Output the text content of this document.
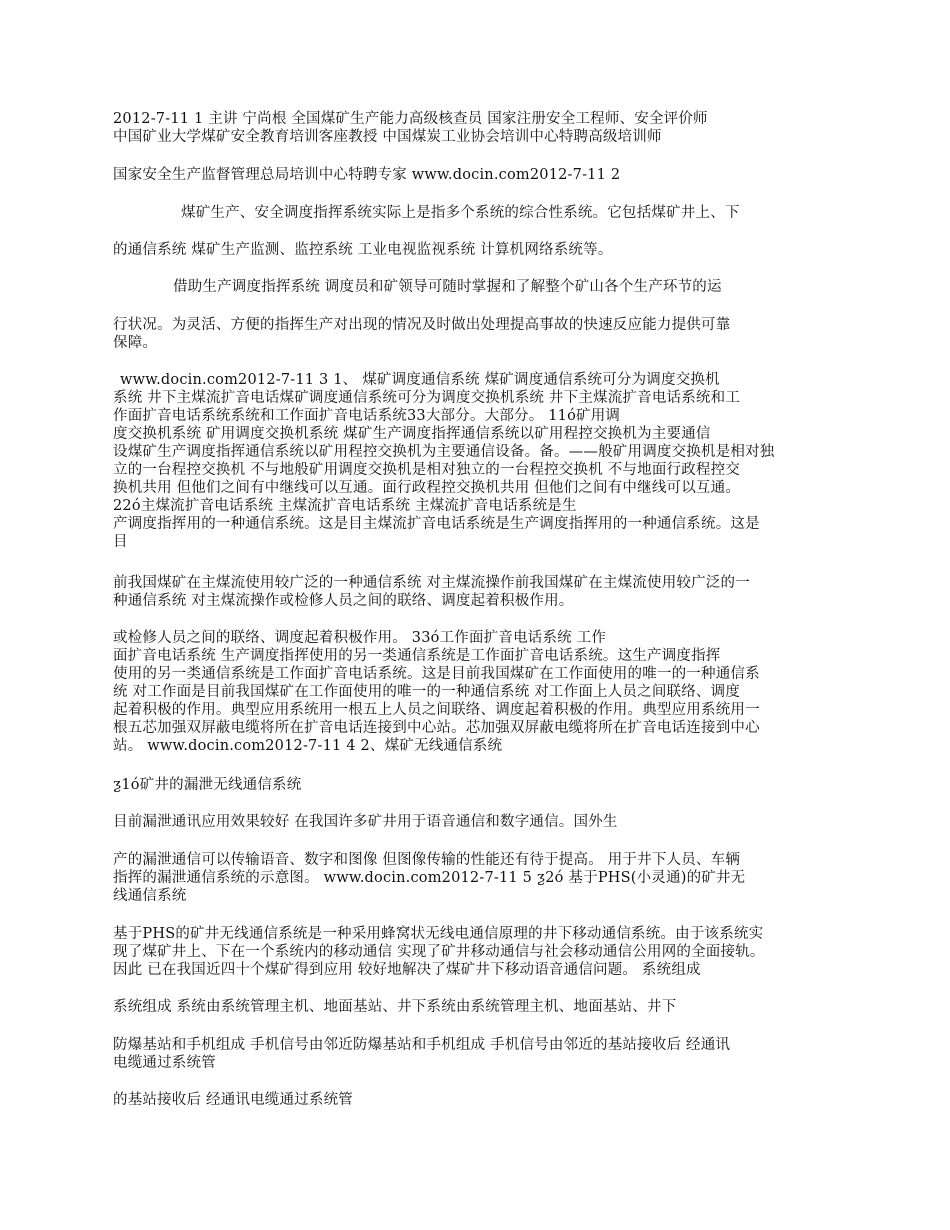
2012-7-11 1 主讲 宁尚根 全国煤矿生产能力高级核查员 国家注册安全工程师、安全评价师
中国矿业大学煤矿安全教育培训客座教授 中国煤炭工业协会培训中心特聘高级培训师
国家安全生产监督管理总局培训中心特聘专家 www.docin.com2012-7-11 2
煤矿生产、安全调度指挥系统实际上是指多个系统的综合性系统。它包括煤矿井上、下
的通信系统 煤矿生产监测、监控系统 工业电视监视系统 计算机网络系统等。
借助生产调度指挥系统 调度员和矿领导可随时掌握和了解整个矿山各个生产环节的运
行状况。为灵活、方便的指挥生产对出现的情况及时做出处理提高事故的快速反应能力提供可靠
保障。
www.docin.com2012-7-11 3 1、 煤矿调度通信系统 煤矿调度通信系统可分为调度交换机
系统 井下主煤流扩音电话煤矿调度通信系统可分为调度交换机系统 井下主煤流扩音电话系统和工
作面扩音电话系统系统和工作面扩音电话系统33大部分。大部分。 11ó矿用调
度交换机系统 矿用调度交换机系统 煤矿生产调度指挥通信系统以矿用程控交换机为主要通信
设煤矿生产调度指挥通信系统以矿用程控交换机为主要通信设备。备。——般矿用调度交换机是相对独
立的一台程控交换机 不与地般矿用调度交换机是相对独立的一台程控交换机 不与地面行政程控交
换机共用 但他们之间有中继线可以互通。面行政程控交换机共用 但他们之间有中继线可以互通。
22ó主煤流扩音电话系统 主煤流扩音电话系统 主煤流扩音电话系统是生
产调度指挥用的一种通信系统。这是目主煤流扩音电话系统是生产调度指挥用的一种通信系统。这是
目
前我国煤矿在主煤流使用较广泛的一种通信系统 对主煤流操作前我国煤矿在主煤流使用较广泛的一
种通信系统 对主煤流操作或检修人员之间的联络、调度起着积极作用。
或检修人员之间的联络、调度起着积极作用。 33ó工作面扩音电话系统 工作
面扩音电话系统 生产调度指挥使用的另一类通信系统是工作面扩音电话系统。这生产调度指挥
使用的另一类通信系统是工作面扩音电话系统。这是目前我国煤矿在工作面使用的唯一的一种通信系
统 对工作面是目前我国煤矿在工作面使用的唯一的一种通信系统 对工作面上人员之间联络、调度
起着积极的作用。典型应用系统用一根五上人员之间联络、调度起着积极的作用。典型应用系统用一
根五芯加强双屏蔽电缆将所在扩音电话连接到中心站。芯加强双屏蔽电缆将所在扩音电话连接到中心
站。 www.docin.com2012-7-11 4 2、煤矿无线通信系统
ƺ1ó矿井的漏泄无线通信系统
目前漏泄通讯应用效果较好 在我国许多矿井用于语音通信和数字通信。国外生
产的漏泄通信可以传输语音、数字和图像 但图像传输的性能还有待于提高。 用于井下人员、车辆
指挥的漏泄通信系统的示意图。 www.docin.com2012-7-11 5 ƺ2ó 基于PHS(小灵通)的矿井无
线通信系统
基于PHS的矿井无线通信系统是一种采用蜂窝状无线电通信原理的井下移动通信系统。由于该系统实
现了煤矿井上、下在一个系统内的移动通信 实现了矿井移动通信与社会移动通信公用网的全面接轨。
因此 已在我国近四十个煤矿得到应用 较好地解决了煤矿井下移动语音通信问题。 系统组成
系统组成 系统由系统管理主机、地面基站、井下系统由系统管理主机、地面基站、井下
防爆基站和手机组成 手机信号由邻近防爆基站和手机组成 手机信号由邻近的基站接收后 经通讯
电缆通过系统管
的基站接收后 经通讯电缆通过系统管
